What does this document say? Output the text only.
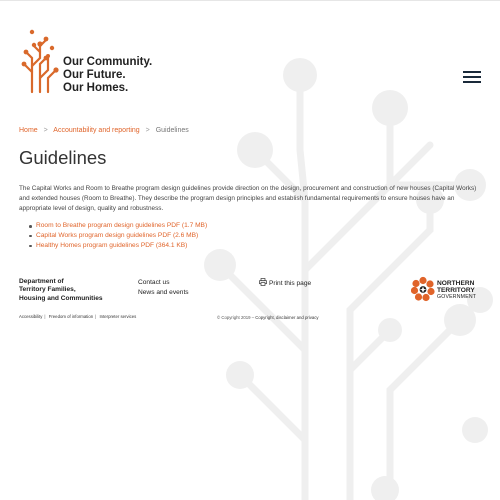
Our Community.
Our Future.
Our Homes.
Home > Accountability and reporting > Guidelines
Guidelines

The Capital Works and Room to Breathe program design guidelines provide direction on the design, procurement and construction of new houses (Capital Works) and extended houses (Room to Breathe). They describe the program design principles and establish fundamental requirements to ensure houses have an appropriate level of design, quality and robustness.

Room to Breathe program design guidelines PDF (1.7 MB)
Capital Works program design guidelines PDF (2.6 MB)
Healthy Homes program guidelines PDF (364.1 KB)
Department of
Territory Families,
Housing and Communities
Contact us
News and events
Print this page	NORTHERN
TERRITORY
GOVERNMENT
Accessibility | Freedom of information | Interpreter services	© Copyright 2019 – Copyright, disclaimer and privacy
